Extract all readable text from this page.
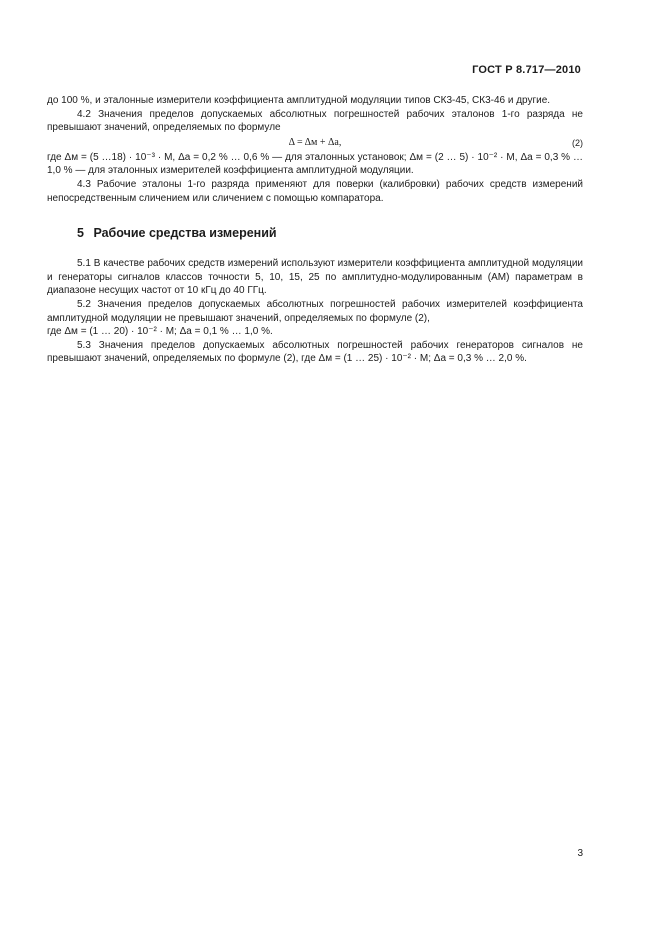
ГОСТ Р 8.717—2010

до 100 %, и эталонные измерители коэффициента амплитудной модуляции типов СК3-45, СК3-46 и другие.

4.2 Значения пределов допускаемых абсолютных погрешностей рабочих эталонов 1-го разряда не превышают значений, определяемых по формуле

Δ = Δм + Δа,	(2)

где Δм = (5 …18) · 10⁻³ · M, Δа = 0,2 % … 0,6 % — для эталонных установок; Δм = (2 … 5) · 10⁻² · M, Δа = 0,3 % … 1,0 % — для эталонных измерителей коэффициента амплитудной модуляции.

4.3 Рабочие эталоны 1-го разряда применяют для поверки (калибровки) рабочих средств измерений непосредственным сличением или сличением с помощью компаратора.

5 Рабочие средства измерений

5.1 В качестве рабочих средств измерений используют измерители коэффициента амплитудной модуляции и генераторы сигналов классов точности 5, 10, 15, 25 по амплитудно-модулированным (АМ) параметрам в диапазоне несущих частот от 10 кГц до 40 ГГц.

5.2 Значения пределов допускаемых абсолютных погрешностей рабочих измерителей коэффициента амплитудной модуляции не превышают значений, определяемых по формуле (2),

где Δм = (1 … 20) · 10⁻² · M; Δа = 0,1 % … 1,0 %.

5.3 Значения пределов допускаемых абсолютных погрешностей рабочих генераторов сигналов не превышают значений, определяемых по формуле (2), где Δм = (1 … 25) · 10⁻² · M; Δа = 0,3 % … 2,0 %.

3
